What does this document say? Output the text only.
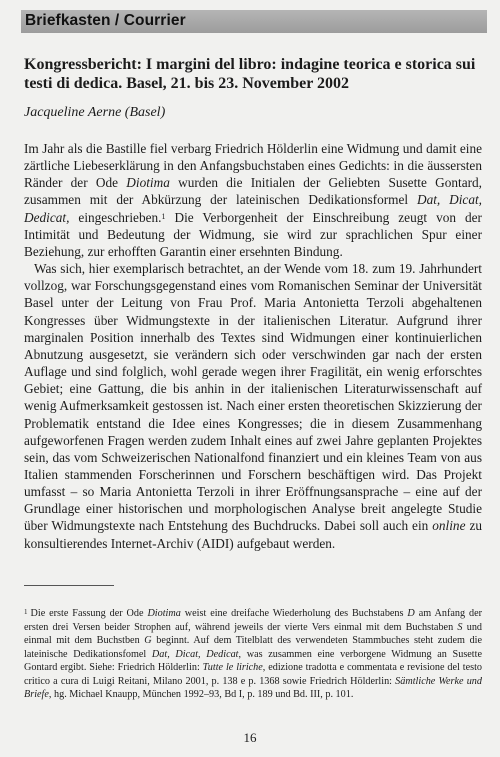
Briefkasten / Courrier
Kongressbericht: I margini del libro: indagine teorica e storica sui testi di dedica. Basel, 21. bis 23. November 2002
Jacqueline Aerne (Basel)

Im Jahr als die Bastille fiel verbarg Friedrich Hölderlin eine Widmung und damit eine zärtliche Liebeserklärung in den Anfangsbuchstaben eines Gedichts: in die äussersten Ränder der Ode Diotima wurden die Initialen der Geliebten Susette Gontard, zusammen mit der Abkürzung der lateinischen Dedikationsformel Dat, Dicat, Dedicat, eingeschrieben.$^1$ Die Verborgenheit der Einschreibung zeugt von der Intimität und Bedeutung der Widmung, sie wird zur sprachlichen Spur einer Beziehung, zur erhofften Garantin einer ersehnten Bindung.

Was sich, hier exemplarisch betrachtet, an der Wende vom 18. zum 19. Jahrhundert vollzog, war Forschungsgegenstand eines vom Romanischen Seminar der Universität Basel unter der Leitung von Frau Prof. Maria Antonietta Terzoli abgehaltenen Kongresses über Widmungstexte in der italienischen Literatur. Aufgrund ihrer marginalen Position innerhalb des Textes sind Widmungen einer kontinuierlichen Abnutzung ausgesetzt, sie verändern sich oder verschwinden gar nach der ersten Auflage und sind folglich, wohl gerade wegen ihrer Fragilität, ein wenig erforschtes Gebiet; eine Gattung, die bis anhin in der italienischen Literaturwissenschaft auf wenig Aufmerksamkeit gestossen ist. Nach einer ersten theoretischen Skizzierung der Problematik entstand die Idee eines Kongresses; die in diesem Zusammenhang aufgeworfenen Fragen werden zudem Inhalt eines auf zwei Jahre geplanten Projektes sein, das vom Schweizerischen Nationalfond finanziert und ein kleines Team von aus Italien stammenden Forscherinnen und Forschern beschäftigen wird. Das Projekt umfasst – so Maria Antonietta Terzoli in ihrer Eröffnungsansprache – eine auf der Grundlage einer historischen und morphologischen Analyse breit angelegte Studie über Widmungstexte nach Entstehung des Buchdrucks. Dabei soll auch ein online zu konsultierendes Internet-Archiv (AIDI) aufgebaut werden.

$^1$ Die erste Fassung der Ode Diotima weist eine dreifache Wiederholung des Buchstabens D am Anfang der ersten drei Versen beider Strophen auf, während jeweils der vierte Vers einmal mit dem Buchstaben S und einmal mit dem Buchstben G beginnt. Auf dem Titelblatt des verwendeten Stammbuches steht zudem die lateinische Dedikationsfomel Dat, Dicat, Dedicat, was zusammen eine verborgene Widmung an Susette Gontard ergibt. Siehe: Friedrich Hölderlin: Tutte le liriche, edizione tradotta e commentata e revisione del testo critico a cura di Luigi Reitani, Milano 2001, p. 138 e p. 1368 sowie Friedrich Hölderlin: Sämtliche Werke und Briefe, hg. Michael Knaupp, München 1992–93, Bd I, p. 189 und Bd. III, p. 101.
16
